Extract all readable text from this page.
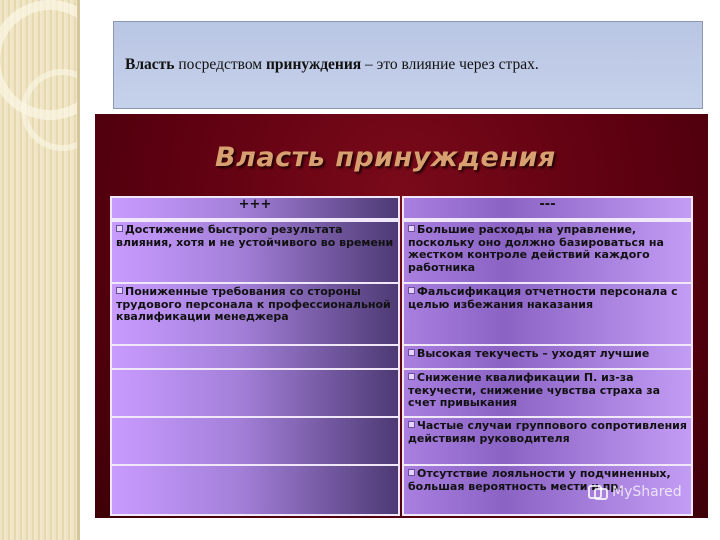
Власть посредством принуждения – это влияние через страх.

Власть принуждения
+++
Достижение быстрого результата влияния, хотя и не устойчивого во времени
Пониженные требования со стороны трудового персонала к профессиональной квалификации менеджера
---
Большие расходы на управление, поскольку оно должно базироваться на жестком контроле действий каждого работника
Фальсификация отчетности персонала с целью избежания наказания
Высокая текучесть – уходят лучшие
Снижение квалификации П. из-за текучести, снижение чувства страха за счет привыкания
Частые случаи группового сопротивления действиям руководителя
Отсутствие лояльности у подчиненных, большая вероятность мести и пр.
MyShared
